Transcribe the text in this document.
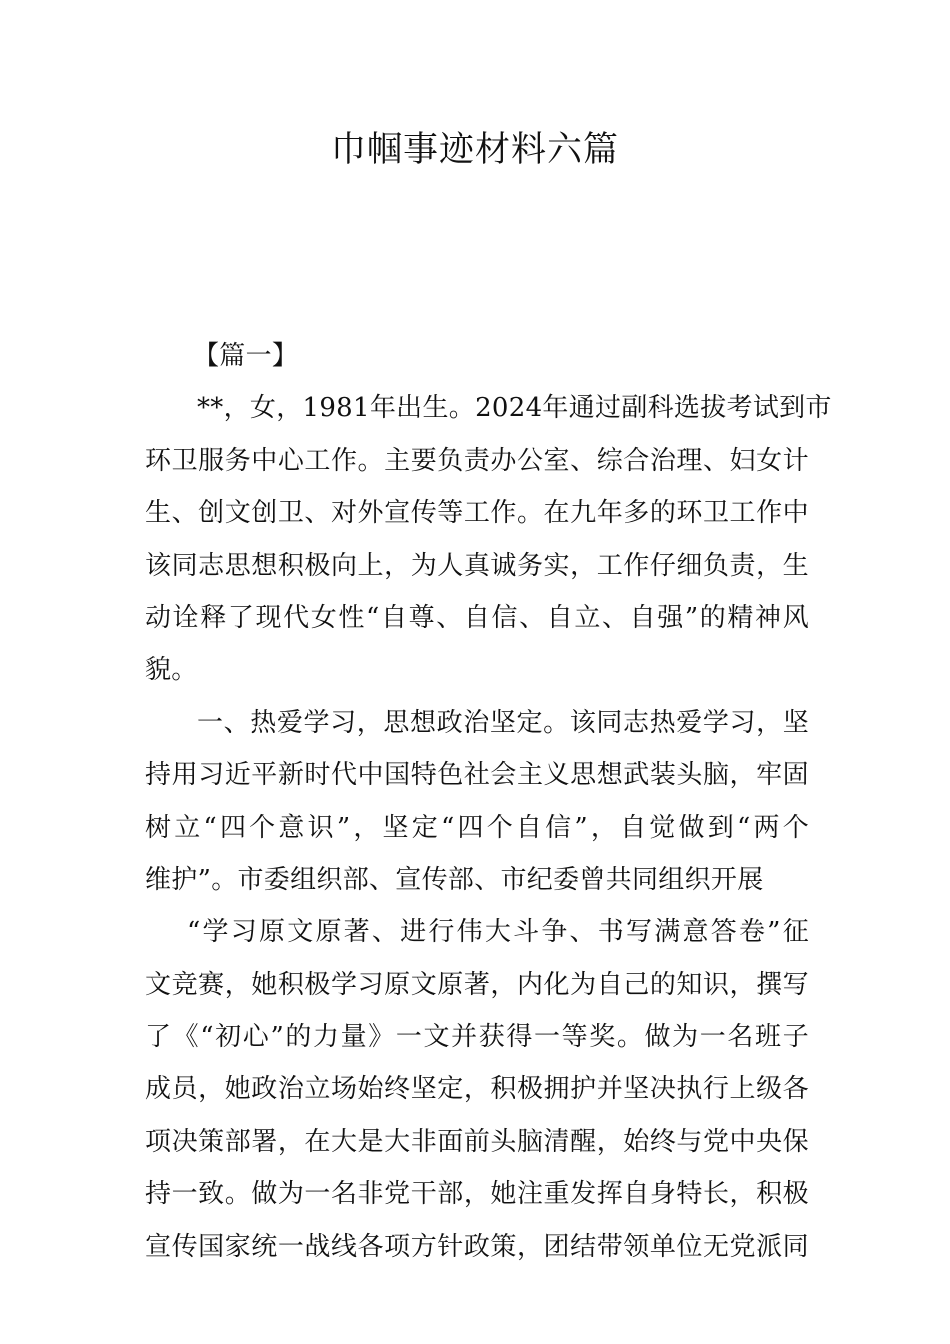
巾帼事迹材料六篇
【篇一】
**，女，1981年出生。2024年通过副科选拔考试到市
环卫服务中心工作。主要负责办公室、综合治理、妇女计
生、创文创卫、对外宣传等工作。在九年多的环卫工作中
该同志思想积极向上，为人真诚务实，工作仔细负责，生
动诠释了现代女性“自尊、自信、自立、自强”的精神风
貌。
一、热爱学习，思想政治坚定。该同志热爱学习，坚
持用习近平新时代中国特色社会主义思想武装头脑，牢固
树立“四个意识”，坚定“四个自信”，自觉做到“两个
维护”。市委组织部、宣传部、市纪委曾共同组织开展
“学习原文原著、进行伟大斗争、书写满意答卷”征
文竞赛，她积极学习原文原著，内化为自己的知识，撰写
了《“初心”的力量》一文并获得一等奖。做为一名班子
成员，她政治立场始终坚定，积极拥护并坚决执行上级各
项决策部署，在大是大非面前头脑清醒，始终与党中央保
持一致。做为一名非党干部，她注重发挥自身特长，积极
宣传国家统一战线各项方针政策，团结带领单位无党派同
